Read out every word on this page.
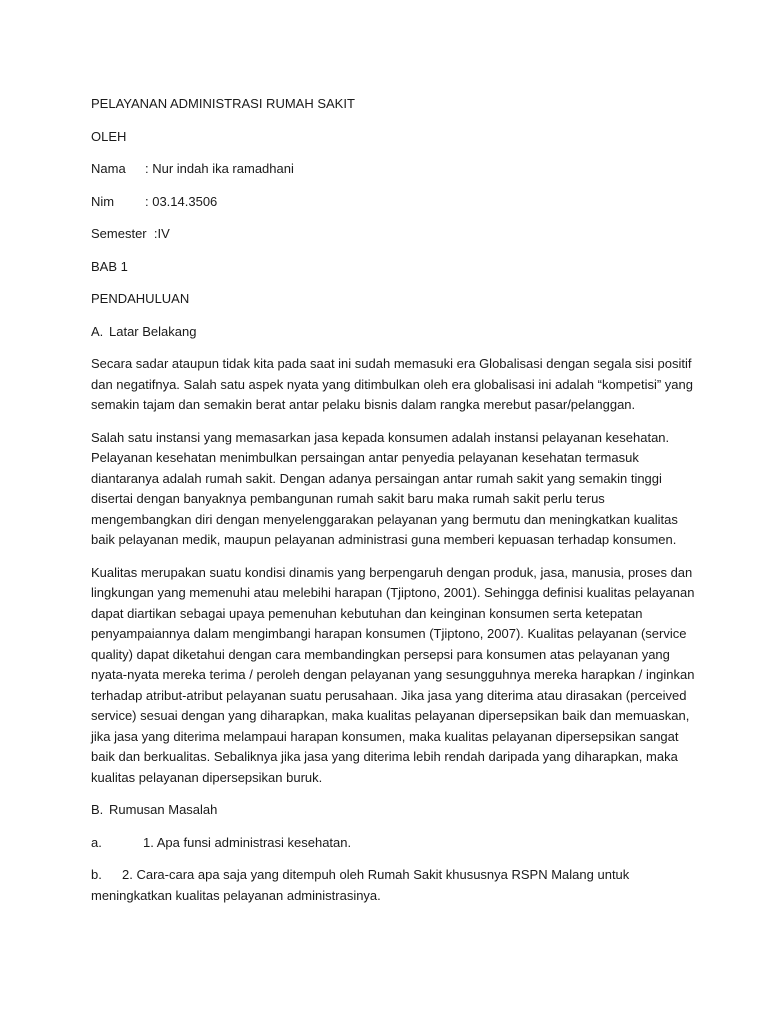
PELAYANAN ADMINISTRASI RUMAH SAKIT

OLEH

Nama : Nur indah ika ramadhani

Nim : 03.14.3506

Semester  :IV

BAB 1

PENDAHULUAN

A. Latar Belakang

Secara sadar ataupun tidak kita pada saat ini sudah memasuki era Globalisasi dengan segala sisi positif

dan negatifnya. Salah satu aspek nyata yang ditimbulkan oleh era globalisasi ini adalah “kompetisi” yang

semakin tajam dan semakin berat antar pelaku bisnis dalam rangka merebut pasar/pelanggan.

Salah satu instansi yang memasarkan jasa kepada konsumen adalah instansi pelayanan kesehatan.

Pelayanan kesehatan menimbulkan persaingan antar penyedia pelayanan kesehatan termasuk

diantaranya adalah rumah sakit. Dengan adanya persaingan antar rumah sakit yang semakin tinggi

disertai dengan banyaknya pembangunan rumah sakit baru maka rumah sakit perlu terus

mengembangkan diri dengan menyelenggarakan pelayanan yang bermutu dan meningkatkan kualitas

baik pelayanan medik, maupun pelayanan administrasi guna memberi kepuasan terhadap konsumen.

Kualitas merupakan suatu kondisi dinamis yang berpengaruh dengan produk, jasa, manusia, proses dan

lingkungan yang memenuhi atau melebihi harapan (Tjiptono, 2001). Sehingga definisi kualitas pelayanan

dapat diartikan sebagai upaya pemenuhan kebutuhan dan keinginan konsumen serta ketepatan

penyampaiannya dalam mengimbangi harapan konsumen (Tjiptono, 2007). Kualitas pelayanan (service

quality) dapat diketahui dengan cara membandingkan persepsi para konsumen atas pelayanan yang

nyata-nyata mereka terima / peroleh dengan pelayanan yang sesungguhnya mereka harapkan / inginkan

terhadap atribut-atribut pelayanan suatu perusahaan. Jika jasa yang diterima atau dirasakan (perceived

service) sesuai dengan yang diharapkan, maka kualitas pelayanan dipersepsikan baik dan memuaskan,

jika jasa yang diterima melampaui harapan konsumen, maka kualitas pelayanan dipersepsikan sangat

baik dan berkualitas. Sebaliknya jika jasa yang diterima lebih rendah daripada yang diharapkan, maka

kualitas pelayanan dipersepsikan buruk.

B. Rumusan Masalah

a.	1. Apa funsi administrasi kesehatan.

b. 2. Cara-cara apa saja yang ditempuh oleh Rumah Sakit khususnya RSPN Malang untuk

meningkatkan kualitas pelayanan administrasinya.
